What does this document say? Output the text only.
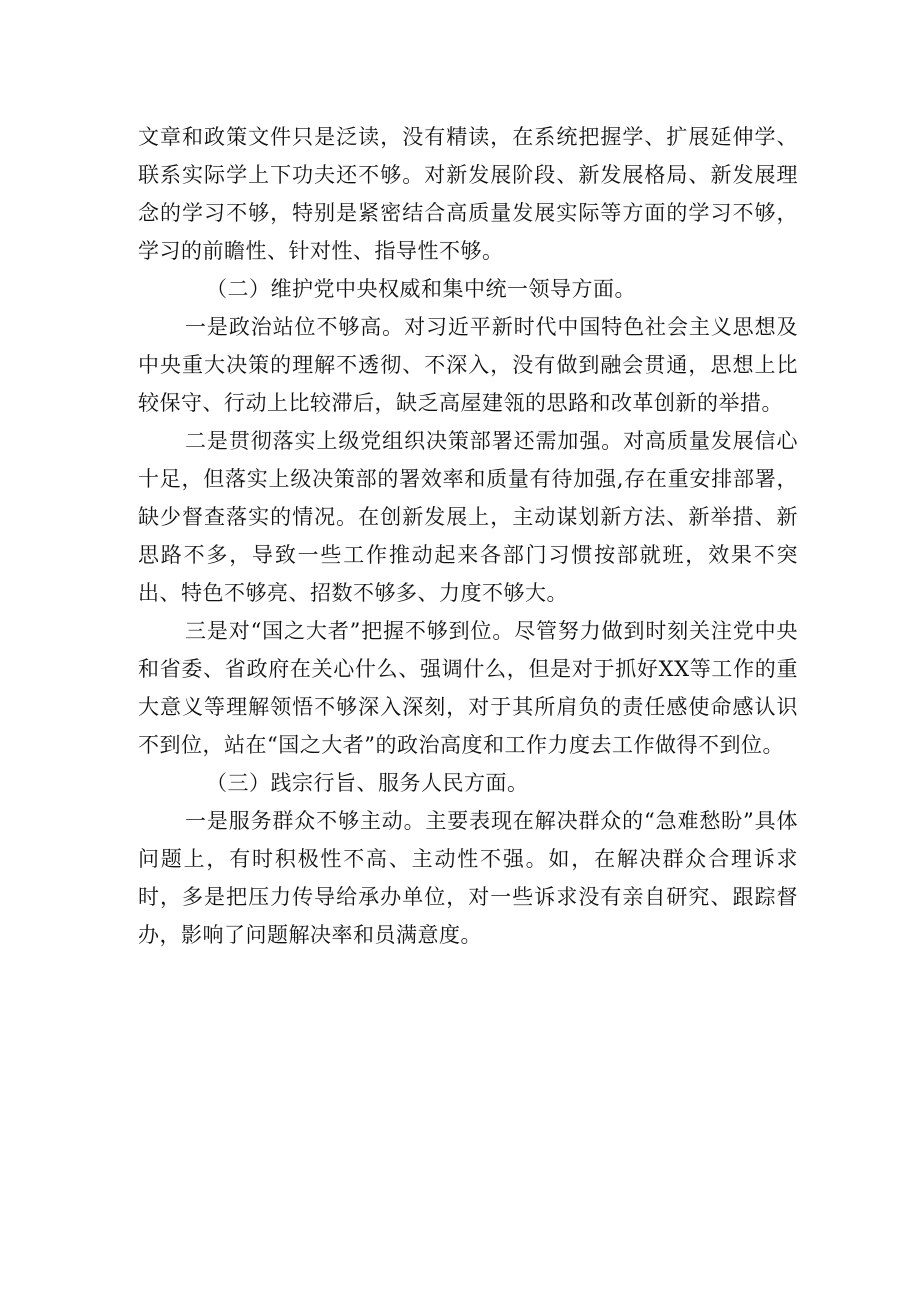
文章和政策文件只是泛读，没有精读，在系统把握学、扩展延伸学、联系实际学上下功夫还不够。对新发展阶段、新发展格局、新发展理念的学习不够，特别是紧密结合高质量发展实际等方面的学习不够，学习的前瞻性、针对性、指导性不够。

（二）维护党中央权威和集中统一领导方面。

一是政治站位不够高。对习近平新时代中国特色社会主义思想及中央重大决策的理解不透彻、不深入，没有做到融会贯通，思想上比较保守、行动上比较滞后，缺乏高屋建瓴的思路和改革创新的举措。

二是贯彻落实上级党组织决策部署还需加强。对高质量发展信心十足，但落实上级决策部的署效率和质量有待加强,存在重安排部署，缺少督查落实的情况。在创新发展上，主动谋划新方法、新举措、新思路不多，导致一些工作推动起来各部门习惯按部就班，效果不突出、特色不够亮、招数不够多、力度不够大。

三是对“国之大者”把握不够到位。尽管努力做到时刻关注党中央和省委、省政府在关心什么、强调什么，但是对于抓好XX等工作的重大意义等理解领悟不够深入深刻，对于其所肩负的责任感使命感认识不到位，站在“国之大者”的政治高度和工作力度去工作做得不到位。

（三）践宗行旨、服务人民方面。

一是服务群众不够主动。主要表现在解决群众的“急难愁盼”具体问题上，有时积极性不高、主动性不强。如，在解决群众合理诉求时，多是把压力传导给承办单位，对一些诉求没有亲自研究、跟踪督办，影响了问题解决率和员满意度。
